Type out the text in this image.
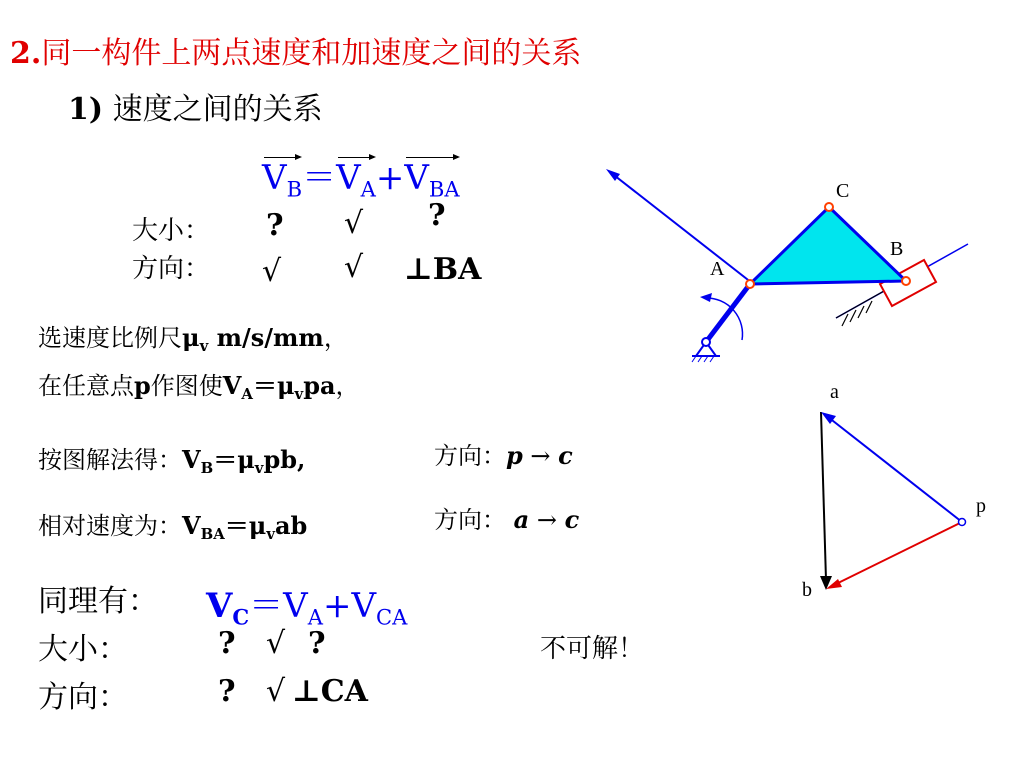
2.同一构件上两点速度和加速度之间的关系
1) 速度之间的关系
$V_B=V_A+V_{BA}$
大小： ? √ ?
方向： √ √ ⊥BA
选速度比例尺$\mu_v$ m/s/mm，
在任意点p作图使$V_A=\mu_vpa$，
按图解法得：$V_B=\mu_vpb$,	方向：p → c
相对速度为：$V_{BA}=\mu_vab$	方向： a → c
同理有： $V_C=V_A+V_{CA}$
大小：	? √ ?
方向：	? √ ⊥CA
不可解！
C
B
A
a
p
b
